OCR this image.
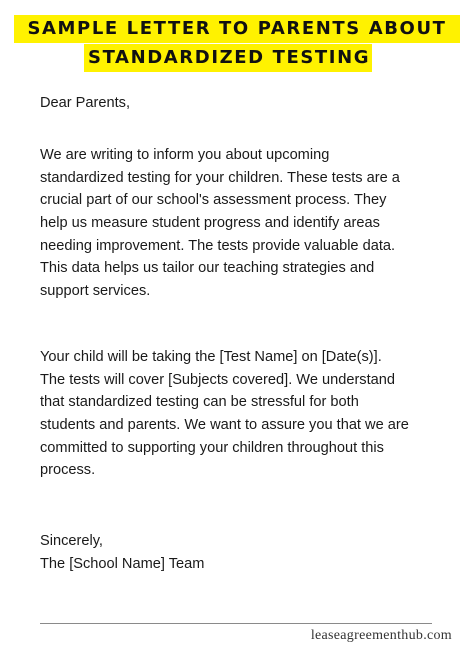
SAMPLE LETTER TO PARENTS ABOUT
STANDARDIZED TESTING
Dear Parents,
We are writing to inform you about upcoming
standardized testing for your children. These tests are a
crucial part of our school's assessment process. They
help us measure student progress and identify areas
needing improvement. The tests provide valuable data.
This data helps us tailor our teaching strategies and
support services.
Your child will be taking the [Test Name] on [Date(s)].
The tests will cover [Subjects covered]. We understand
that standardized testing can be stressful for both
students and parents. We want to assure you that we are
committed to supporting your children throughout this
process.
Sincerely,
The [School Name] Team
leaseagreementhub.com
